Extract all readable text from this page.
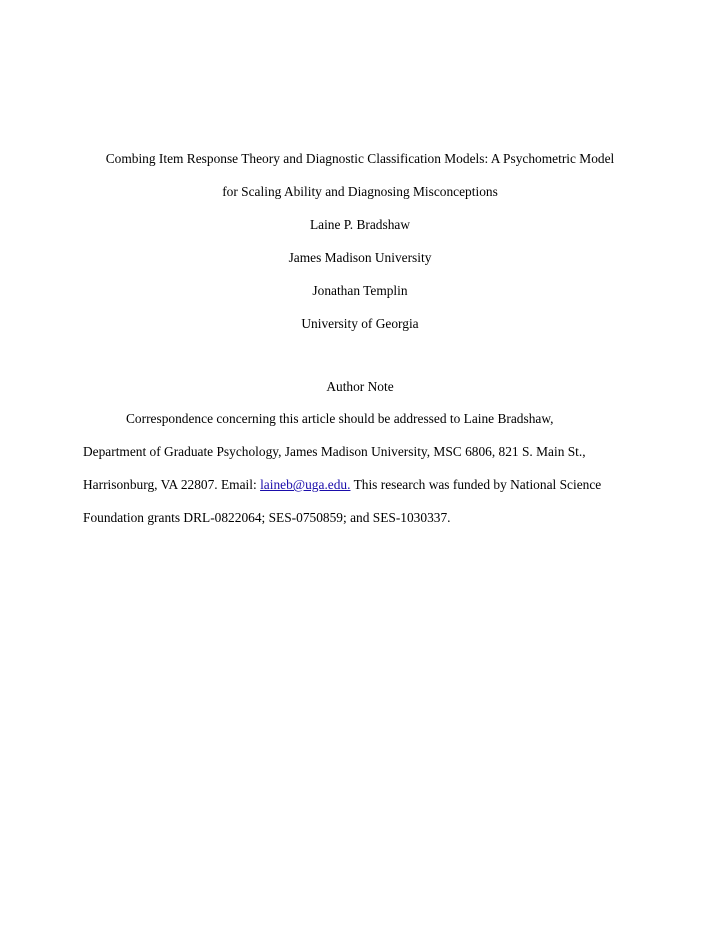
Combing Item Response Theory and Diagnostic Classification Models: A Psychometric Model
for Scaling Ability and Diagnosing Misconceptions
Laine P. Bradshaw
James Madison University
Jonathan Templin
University of Georgia
Author Note
Correspondence concerning this article should be addressed to Laine Bradshaw,
Department of Graduate Psychology, James Madison University, MSC 6806, 821 S. Main St.,
Harrisonburg, VA 22807. Email: laineb@uga.edu. This research was funded by National Science
Foundation grants DRL-0822064; SES-0750859; and SES-1030337.
